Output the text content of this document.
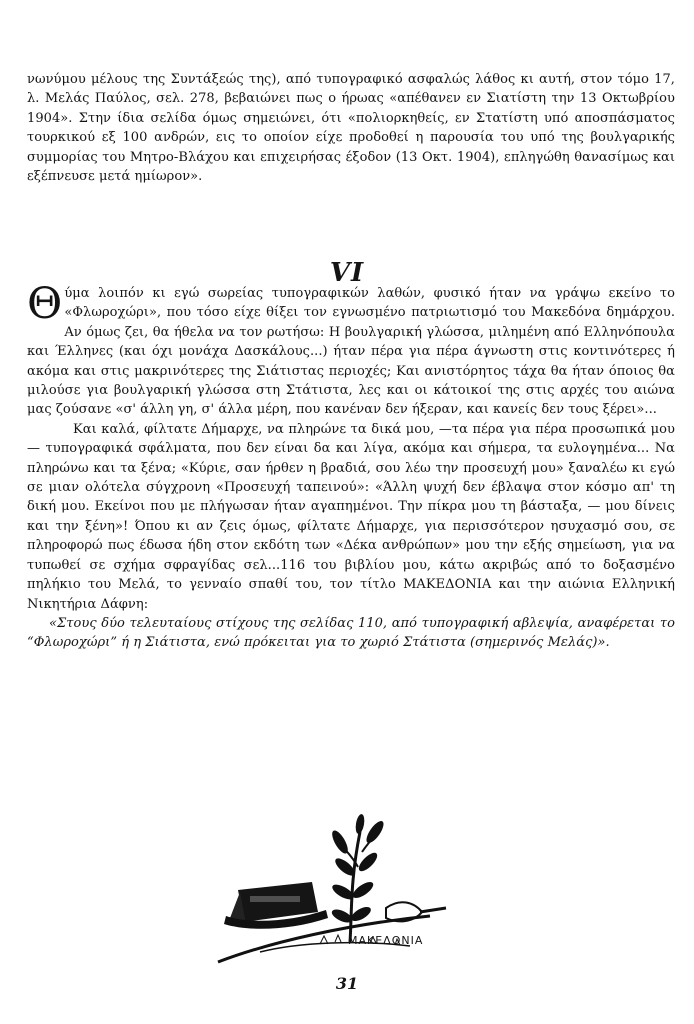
νωνύμου μέλους της Συντάξεώς της), από τυπογραφικό ασφαλώς λάθος κι αυτή, στον τόμο 17, λ. Μελάς Παύλος, σελ. 278, βεβαιώνει πως ο ήρωας «απέθανεν εν Σιατίστη την 13 Οκτωβρίου 1904». Στην ίδια σελίδα όμως σημειώνει, ότι «πολιορκηθείς, εν Στατίστη υπό αποσπάσματος τουρκικού εξ 100 ανδρών, εις το οποίον είχε προδοθεί η παρουσία του υπό της βουλγαρικής συμμορίας του Μητρο-Βλάχου και επιχειρήσας έξοδον (13 Οκτ. 1904), επληγώθη θανασίμως και εξέπνευσε μετά ημίωρον».

VI

Θύμα λοιπόν κι εγώ σωρείας τυπογραφικών λαθών, φυσικό ήταν να γράψω εκείνο το «Φλωροχώρι», που τόσο είχε θίξει τον εγνωσμένο πατριωτισμό του Μακεδόνα δημάρχου. Αν όμως ζει, θα ήθελα να τον ρωτήσω: Η βουλγαρική γλώσσα, μιλημένη από Ελληνόπουλα και Έλληνες (και όχι μονάχα Δασκάλους...) ήταν πέρα για πέρα άγνωστη στις κοντινότερες ή ακόμα και στις μακρινότερες της Σιάτιστας περιοχές; Και ανιστόρητος τάχα θα ήταν όποιος θα μιλούσε για βουλγαρική γλώσσα στη Στάτιστα, λες και οι κάτοικοί της στις αρχές του αιώνα μας ζούσανε «σ' άλλη γη, σ' άλλα μέρη, που κανέναν δεν ήξεραν, και κανείς δεν τους ξέρει»...

Και καλά, φίλτατε Δήμαρχε, να πληρώνε τα δικά μου, —τα πέρα για πέρα προσωπικά μου— τυπογραφικά σφάλματα, που δεν είναι δα και λίγα, ακόμα και σήμερα, τα ευλογημένα... Να πληρώνω και τα ξένα; «Κύριε, σαν ήρθεν η βραδιά, σου λέω την προσευχή μου» ξαναλέω κι εγώ σε μιαν ολότελα σύγχρονη «Προσευχή ταπεινού»: «Άλλη ψυχή δεν έβλαψα στον κόσμο απ' τη δική μου. Εκείνοι που με πλήγωσαν ήταν αγαπημένοι. Την πίκρα μου τη βάσταξα, — μου δίνεις και την ξένη»! Όπου κι αν ζεις όμως, φίλτατε Δήμαρχε, για περισσότερον ησυχασμό σου, σε πληροφορώ πως έδωσα ήδη στον εκδότη των «Δέκα ανθρώπων» μου την εξής σημείωση, για να τυπωθεί σε σχήμα σφραγίδας σελ...116 του βιβλίου μου, κάτω ακριβώς από το δοξασμένο πηλήκιο του Μελά, το γενναίο σπαθί του, τον τίτλο ΜΑΚΕΔΟΝΙΑ και την αιώνια Ελληνική Νικητήρια Δάφνη:

«Στους δύο τελευταίους στίχους της σελίδας 110, από τυπογραφική αβλεψία, αναφέρεται το “Φλωροχώρι” ή η Σιάτιστα, ενώ πρόκειται για το χωριό Στάτιστα (σημερινός Μελάς)».

ΜΑΚΕΔΟΝΙΑ
31
